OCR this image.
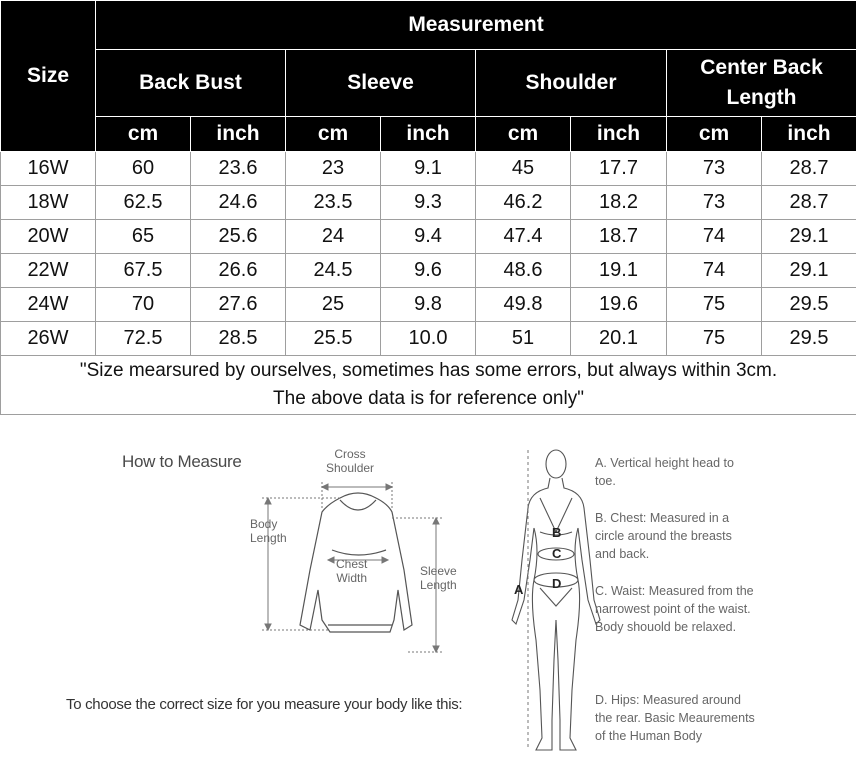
Size	Measurement							
	Back Bust		Sleeve		Shoulder		Center Back Length	
	cm	inch	cm	inch	cm	inch	cm	inch
16W	60	23.6	23	9.1	45	17.7	73	28.7
18W	62.5	24.6	23.5	9.3	46.2	18.2	73	28.7
20W	65	25.6	24	9.4	47.4	18.7	74	29.1
22W	67.5	26.6	24.5	9.6	48.6	19.1	74	29.1
24W	70	27.6	25	9.8	49.8	19.6	75	29.5
26W	72.5	28.5	25.5	10.0	51	20.1	75	29.5

"Size mearsured by ourselves, sometimes has some errors, but always within 3cm.
The above data is for reference only"								
How to Measure	Cross
Shoulder
Body
Length
Chest
Width
Sleeve
Length
To choose the correct size for you measure your body like this:
A
B
C
D
A. Vertical height head to toe.
B. Chest: Measured in a circle around the breasts and back.
C. Waist: Measured from the narrowest point of the waist. Body shouold be relaxed.
D. Hips: Measured around the rear. Basic Meaurements of the Human Body
